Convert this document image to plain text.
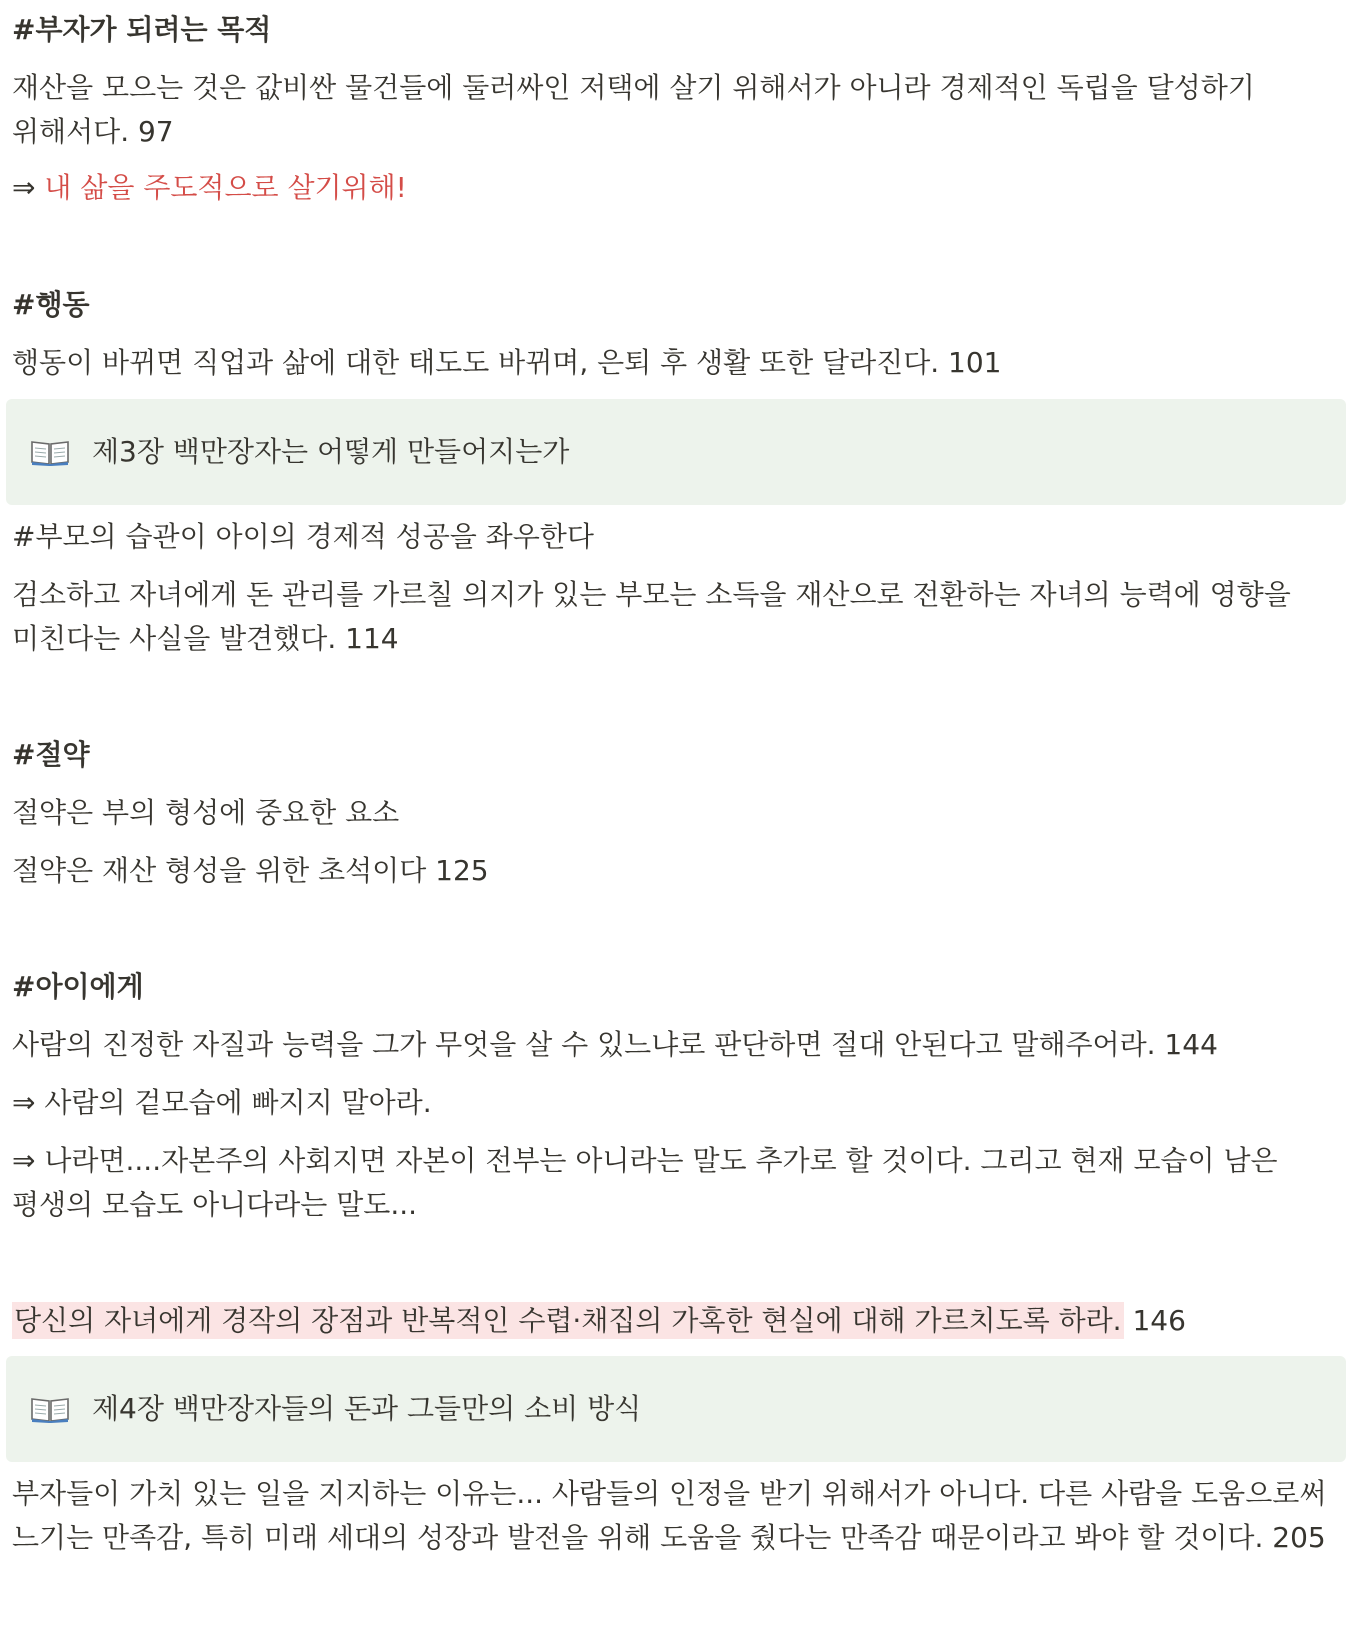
#부자가 되려는 목적

재산을 모으는 것은 값비싼 물건들에 둘러싸인 저택에 살기 위해서가 아니라 경제적인 독립을 달성하기 위해서다. 97

⇒ 내 삶을 주도적으로 살기위해!

#행동

행동이 바뀌면 직업과 삶에 대한 태도도 바뀌며, 은퇴 후 생활 또한 달라진다. 101

제3장 백만장자는 어떻게 만들어지는가

#부모의 습관이 아이의 경제적 성공을 좌우한다

검소하고 자녀에게 돈 관리를 가르칠 의지가 있는 부모는 소득을 재산으로 전환하는 자녀의 능력에 영향을 미친다는 사실을 발견했다. 114

#절약

절약은 부의 형성에 중요한 요소

절약은 재산 형성을 위한 초석이다 125

#아이에게

사람의 진정한 자질과 능력을 그가 무엇을 살 수 있느냐로 판단하면 절대 안된다고 말해주어라. 144

⇒ 사람의 겉모습에 빠지지 말아라.

⇒ 나라면....자본주의 사회지면 자본이 전부는 아니라는 말도 추가로 할 것이다. 그리고 현재 모습이 남은 평생의 모습도 아니다라는 말도...

당신의 자녀에게 경작의 장점과 반복적인 수렵·채집의 가혹한 현실에 대해 가르치도록 하라. 146

제4장 백만장자들의 돈과 그들만의 소비 방식

부자들이 가치 있는 일을 지지하는 이유는... 사람들의 인정을 받기 위해서가 아니다. 다른 사람을 도움으로써 느기는 만족감, 특히 미래 세대의 성장과 발전을 위해 도움을 줬다는 만족감 때문이라고 봐야 할 것이다. 205
